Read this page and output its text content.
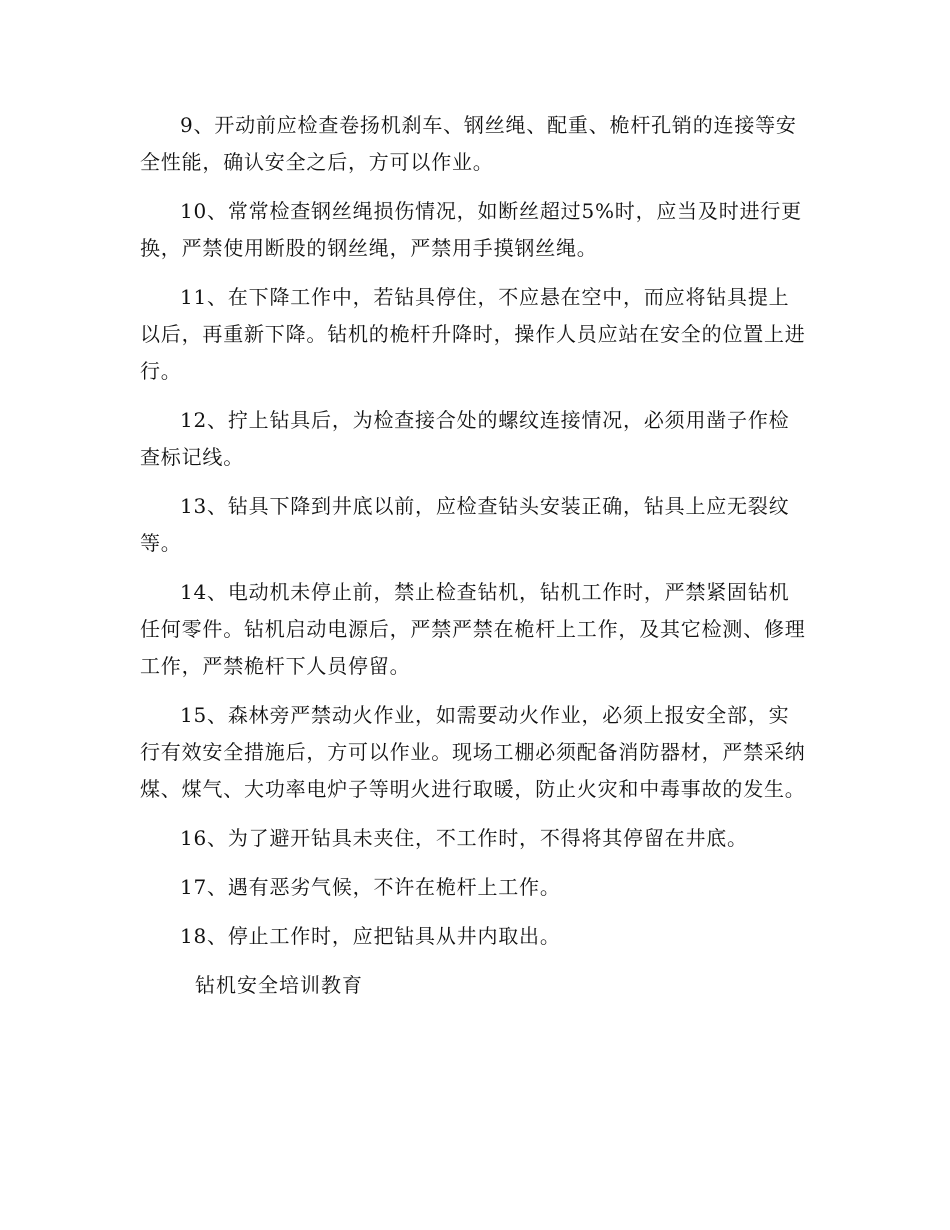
9、开动前应检查卷扬机刹车、钢丝绳、配重、桅杆孔销的连接等安全性能，确认安全之后，方可以作业。

10、常常检查钢丝绳损伤情况，如断丝超过5%时，应当及时进行更换，严禁使用断股的钢丝绳，严禁用手摸钢丝绳。

11、在下降工作中，若钻具停住，不应悬在空中，而应将钻具提上以后，再重新下降。钻机的桅杆升降时，操作人员应站在安全的位置上进行。

12、拧上钻具后，为检查接合处的螺纹连接情况，必须用凿子作检查标记线。

13、钻具下降到井底以前，应检查钻头安装正确，钻具上应无裂纹等。

14、电动机未停止前，禁止检查钻机，钻机工作时，严禁紧固钻机任何零件。钻机启动电源后，严禁严禁在桅杆上工作，及其它检测、修理工作，严禁桅杆下人员停留。

15、森林旁严禁动火作业，如需要动火作业，必须上报安全部，实行有效安全措施后，方可以作业。现场工棚必须配备消防器材，严禁采纳煤、煤气、大功率电炉子等明火进行取暖，防止火灾和中毒事故的发生。

16、为了避开钻具未夹住，不工作时，不得将其停留在井底。

17、遇有恶劣气候，不许在桅杆上工作。

18、停止工作时，应把钻具从井内取出。

钻机安全培训教育
